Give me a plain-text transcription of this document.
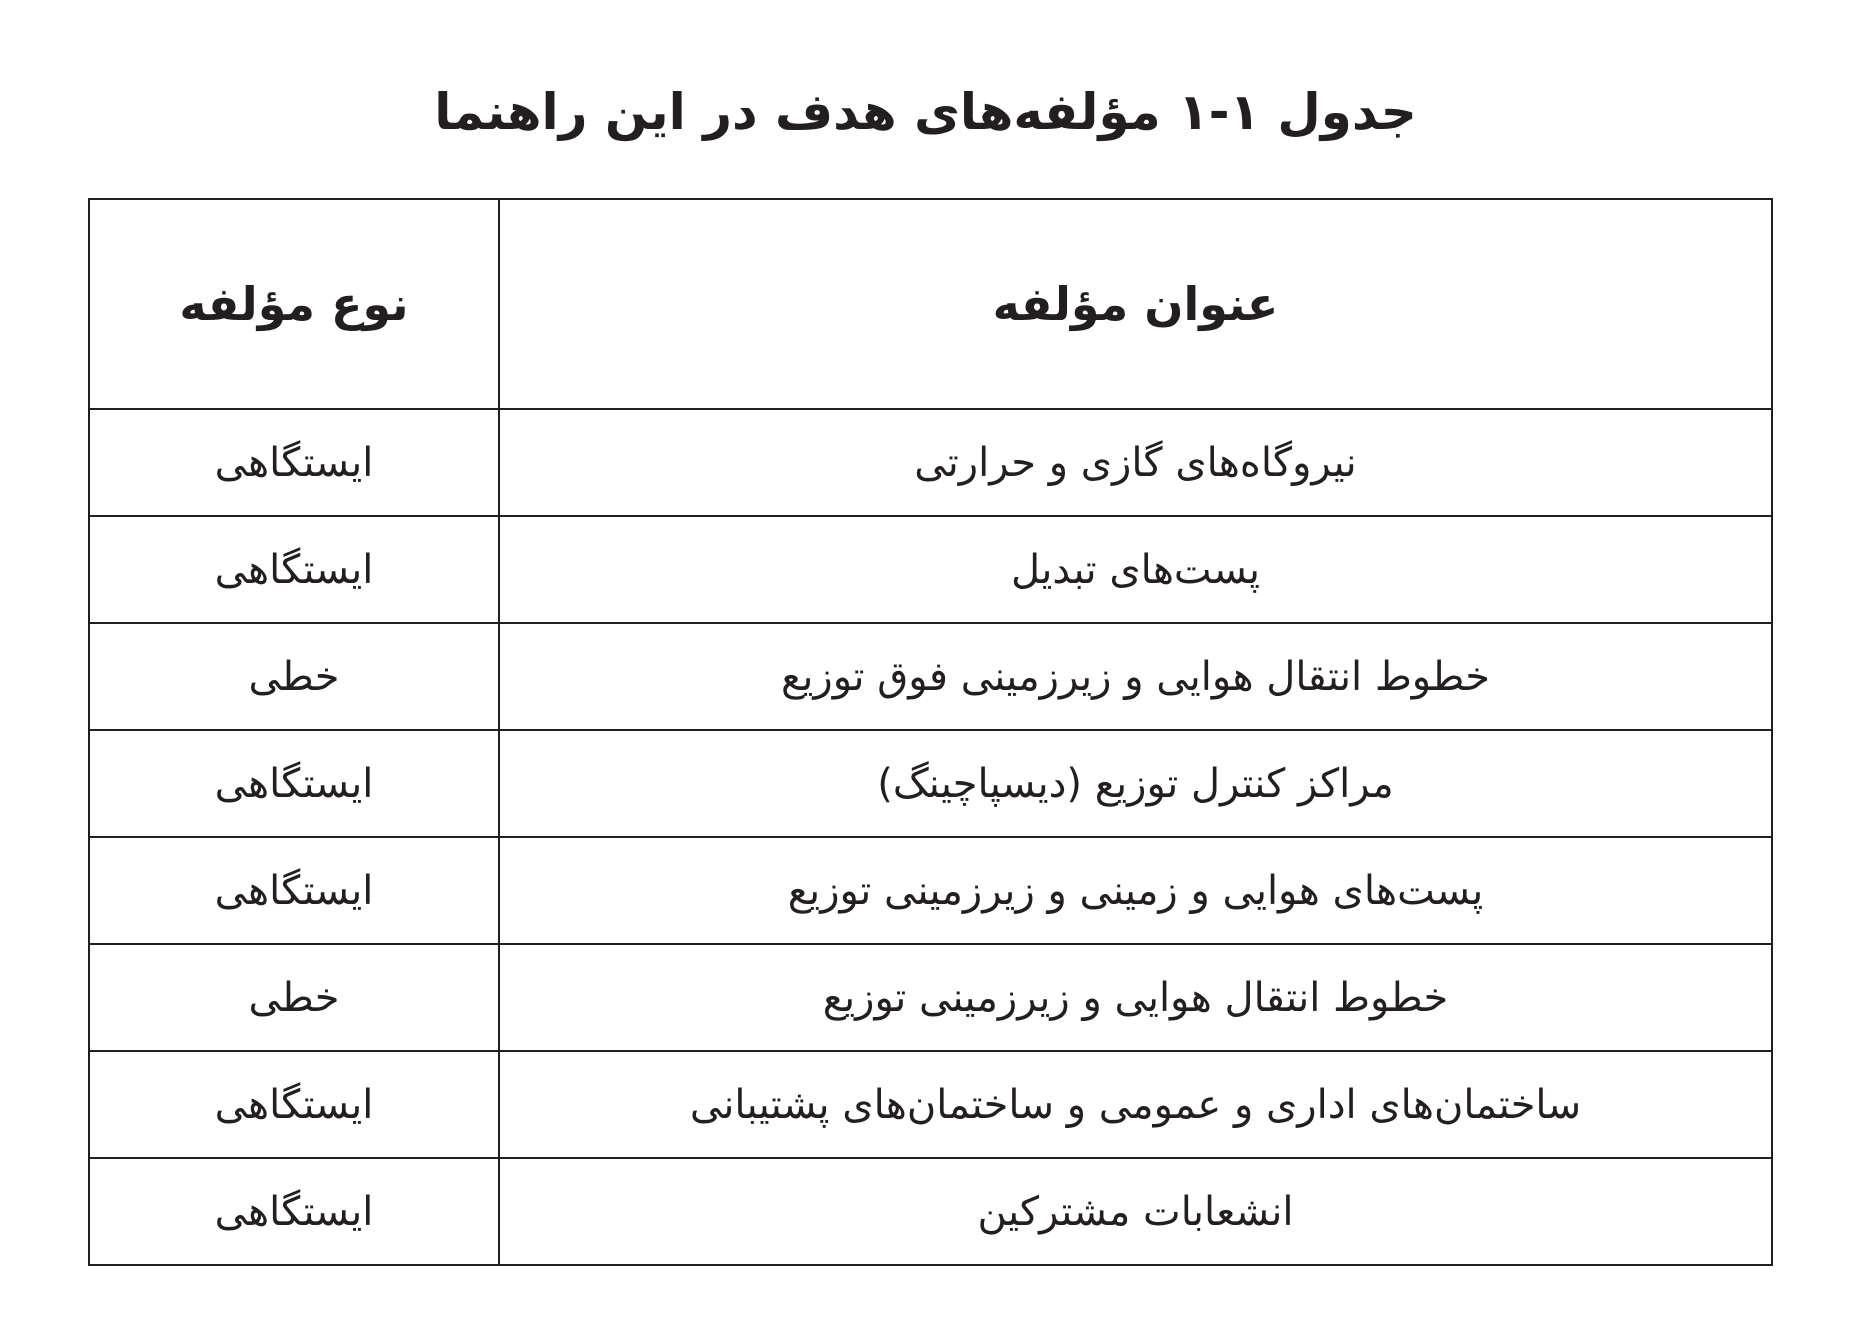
جدول ۱-۱ مؤلفه‌های هدف در این راهنما
عنوان مؤلفه	نوع مؤلفه
نیروگاه‌های گازی و حرارتی	ایستگاهی
پست‌های تبدیل	ایستگاهی
خطوط انتقال هوایی و زیرزمینی فوق توزیع	خطی
مراکز کنترل توزیع (دیسپاچینگ)	ایستگاهی
پست‌های هوایی و زمینی و زیرزمینی توزیع	ایستگاهی
خطوط انتقال هوایی و زیرزمینی توزیع	خطی
ساختمان‌های اداری و عمومی و ساختمان‌های پشتیبانی	ایستگاهی
انشعابات مشترکین	ایستگاهی
